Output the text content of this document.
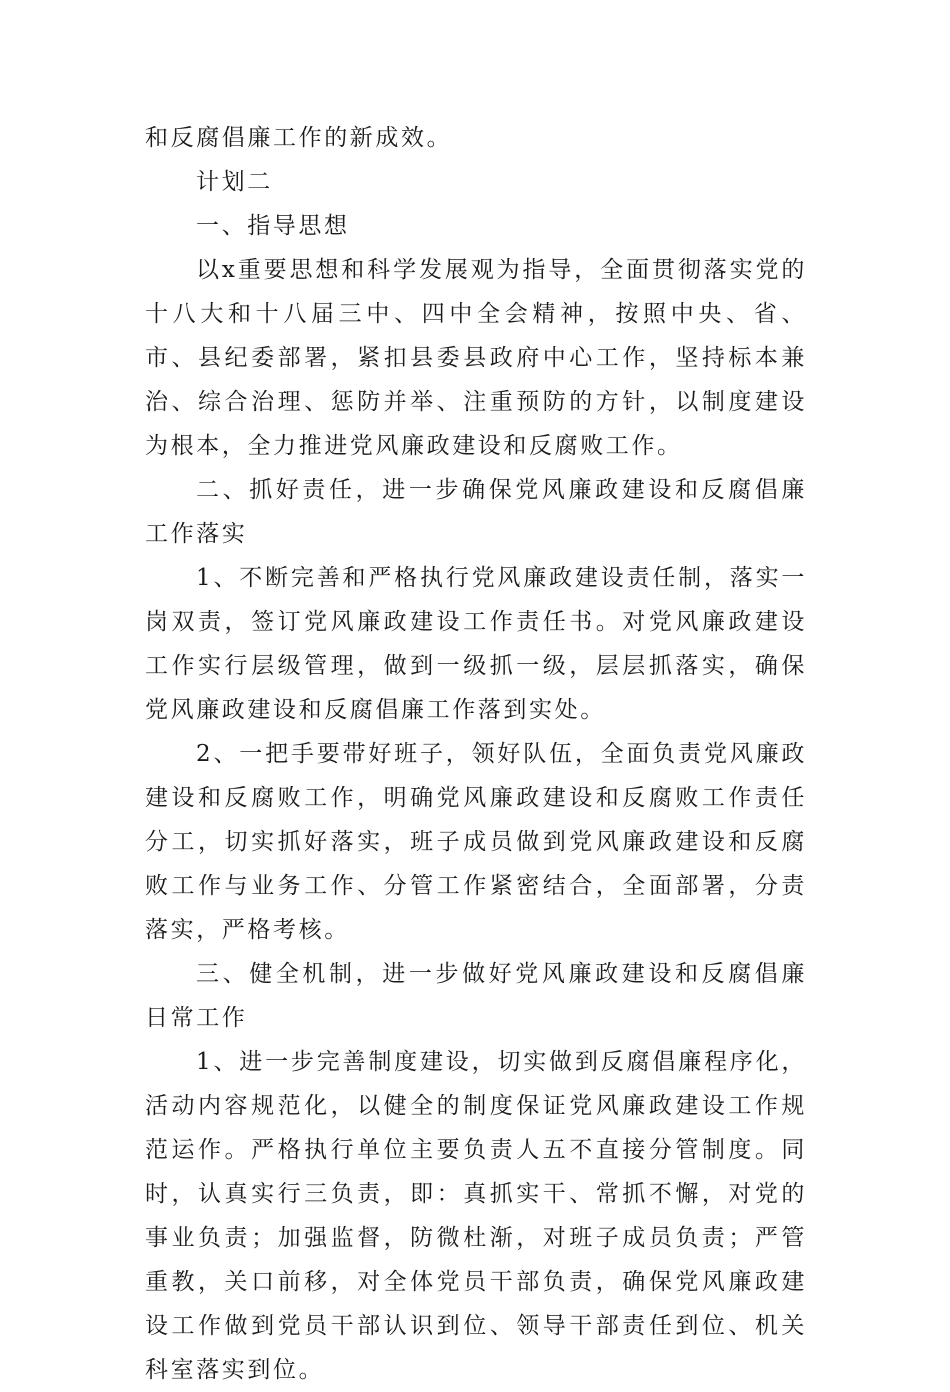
和反腐倡廉工作的新成效。

计划二

一、指导思想

以x重要思想和科学发展观为指导，全面贯彻落实党的十八大和十八届三中、四中全会精神，按照中央、省、市、县纪委部署，紧扣县委县政府中心工作，坚持标本兼治、综合治理、惩防并举、注重预防的方针，以制度建设为根本，全力推进党风廉政建设和反腐败工作。

二、抓好责任，进一步确保党风廉政建设和反腐倡廉工作落实

1、不断完善和严格执行党风廉政建设责任制，落实一岗双责，签订党风廉政建设工作责任书。对党风廉政建设工作实行层级管理，做到一级抓一级，层层抓落实，确保党风廉政建设和反腐倡廉工作落到实处。

2、一把手要带好班子，领好队伍，全面负责党风廉政建设和反腐败工作，明确党风廉政建设和反腐败工作责任分工，切实抓好落实，班子成员做到党风廉政建设和反腐败工作与业务工作、分管工作紧密结合，全面部署，分责落实，严格考核。

三、健全机制，进一步做好党风廉政建设和反腐倡廉日常工作

1、进一步完善制度建设，切实做到反腐倡廉程序化，活动内容规范化，以健全的制度保证党风廉政建设工作规范运作。严格执行单位主要负责人五不直接分管制度。同时，认真实行三负责，即：真抓实干、常抓不懈，对党的事业负责；加强监督，防微杜渐，对班子成员负责；严管重教，关口前移，对全体党员干部负责，确保党风廉政建设工作做到党员干部认识到位、领导干部责任到位、机关科室落实到位。
